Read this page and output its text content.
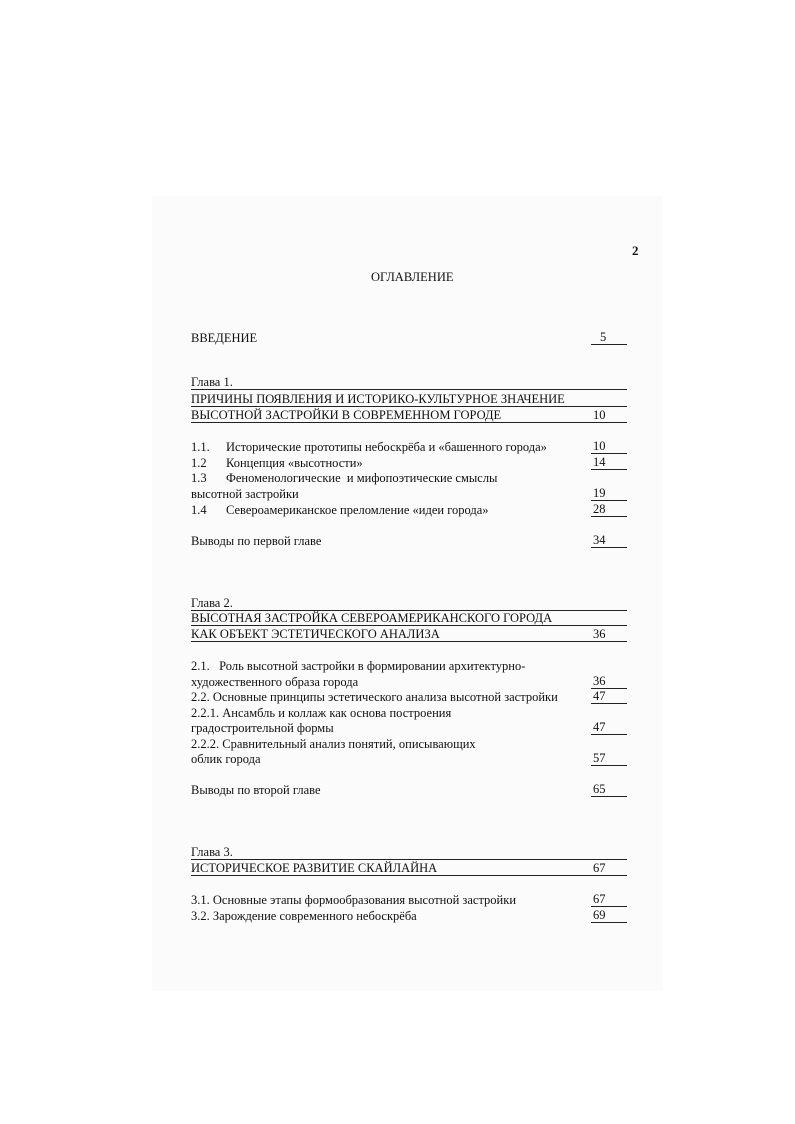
2
ОГЛАВЛЕНИЕ
ВВЕДЕНИЕ	5
Глава 1.
ПРИЧИНЫ ПОЯВЛЕНИЯ И ИСТОРИКО-КУЛЬТУРНОЕ ЗНАЧЕНИЕ
ВЫСОТНОЙ ЗАСТРОЙКИ В СОВРЕМЕННОМ ГОРОДЕ	10
1.1. Исторические прототипы небоскрёба и «башенного города»	10
1.2 Концепция «высотности»	14
1.3 Феноменологические  и мифопоэтические смыслы
высотной застройки	19
1.4 Североамериканское преломление «идеи города»	28
Выводы по первой главе	34
Глава 2.
ВЫСОТНАЯ ЗАСТРОЙКА СЕВЕРОАМЕРИКАНСКОГО ГОРОДА
КАК ОБЪЕКТ ЭСТЕТИЧЕСКОГО АНАЛИЗА	36
2.1.   Роль высотной застройки в формировании архитектурно-
художественного образа города	36
2.2. Основные принципы эстетического анализа высотной застройки	47
2.2.1. Ансамбль и коллаж как основа построения
градостроительной формы	47
2.2.2. Сравнительный анализ понятий, описывающих
облик города	57
Выводы по второй главе	65
Глава 3.
ИСТОРИЧЕСКОЕ РАЗВИТИЕ СКАЙЛАЙНА	67
3.1. Основные этапы формообразования высотной застройки	67
3.2. Зарождение современного небоскрёба	69
